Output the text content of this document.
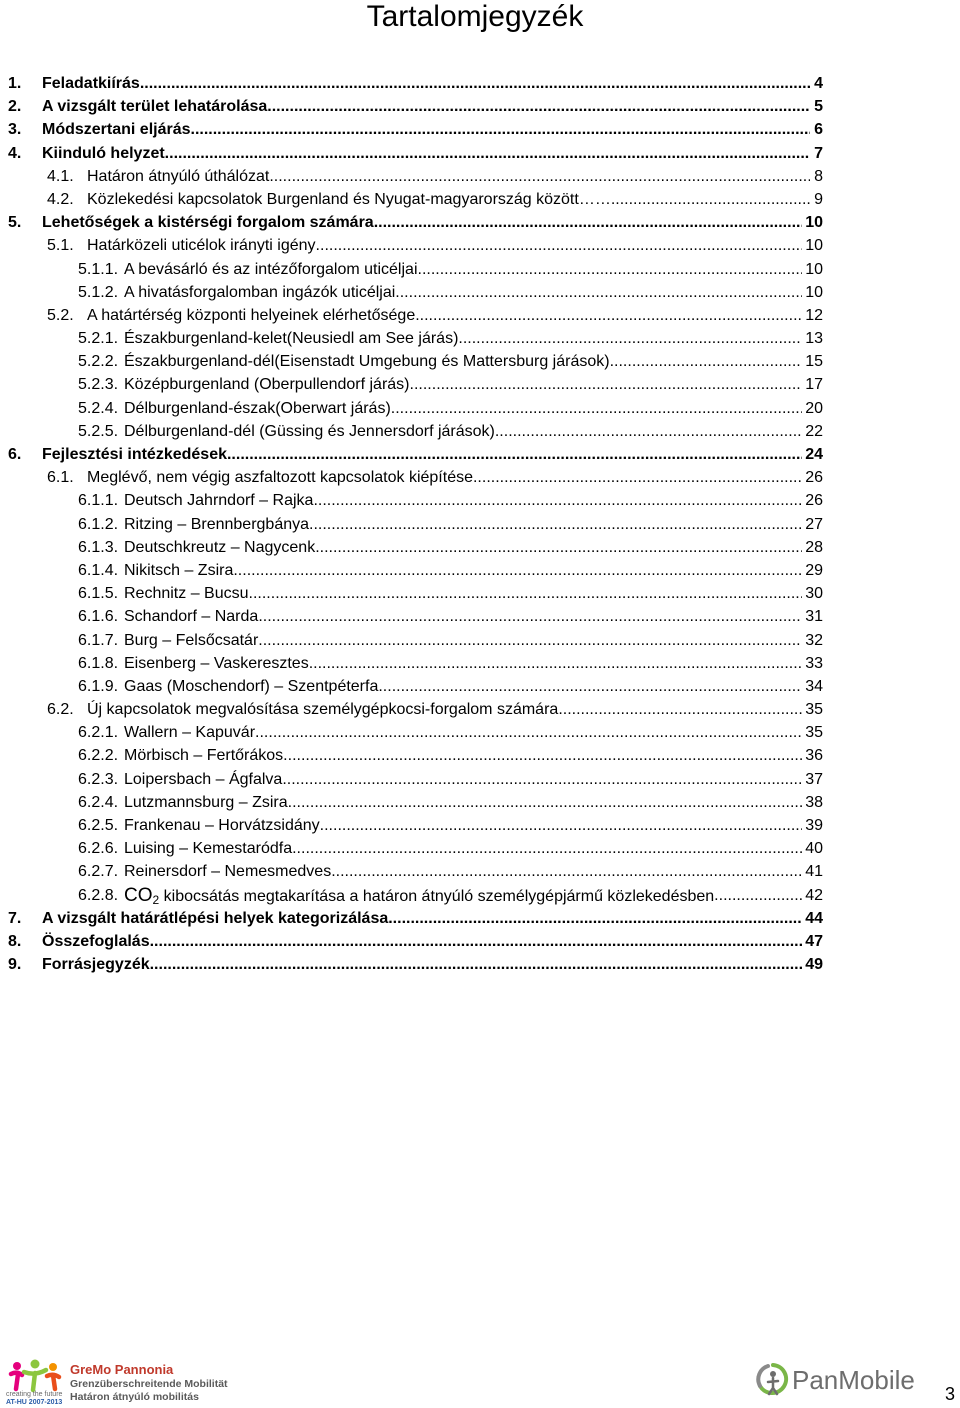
Tartalomjegyzék
1.	Feladatkiírás .....	4
2.	A vizsgált terület lehatárolása .....	5
3.	Módszertani eljárás .....	6
4.	Kiinduló helyzet .....	7
4.1. Határon átnyúló úthálózat .....	8
4.2. Közlekedési kapcsolatok Burgenland és Nyugat-magyarország között…… .....	9
5.	Lehetőségek a kistérségi forgalom számára .....	10
5.1. Határközeli uticélok irányti igény .....	10
5.1.1. A bevásárló és az intézőforgalom uticéljai .....	10
5.1.2. A hivatásforgalomban ingázók uticéljai .....	10
5.2. A határtérség központi helyeinek elérhetősége .....	12
5.2.1. Északburgenland-kelet(Neusiedl am See járás) .....	13
5.2.2. Északburgenland-dél(Eisenstadt Umgebung és Mattersburg járások) .....	15
5.2.3. Középburgenland (Oberpullendorf járás) .....	17
5.2.4. Délburgenland-észak(Oberwart járás) .....	20
5.2.5. Délburgenland-dél (Güssing és Jennersdorf járások) .....	22
6.	Fejlesztési intézkedések .....	24
6.1. Meglévő, nem végig aszfaltozott kapcsolatok kiépítése .....	26
6.1.1. Deutsch Jahrndorf – Rajka .....	26
6.1.2. Ritzing – Brennbergbánya .....	27
6.1.3. Deutschkreutz – Nagycenk .....	28
6.1.4. Nikitsch – Zsira .....	29
6.1.5. Rechnitz – Bucsu .....	30
6.1.6. Schandorf – Narda .....	31
6.1.7. Burg – Felsőcsatár .....	32
6.1.8. Eisenberg – Vaskeresztes .....	33
6.1.9. Gaas (Moschendorf) – Szentpéterfa .....	34
6.2. Új kapcsolatok megvalósítása személygépkocsi-forgalom számára .....	35
6.2.1. Wallern – Kapuvár .....	35
6.2.2. Mörbisch – Fertőrákos .....	36
6.2.3. Loipersbach – Ágfalva .....	37
6.2.4. Lutzmannsburg – Zsira .....	38
6.2.5. Frankenau – Horvátzsidány .....	39
6.2.6. Luising – Kemestaródfa .....	40
6.2.7. Reinersdorf – Nemesmedves .....	41
6.2.8. $CO_2$ kibocsátás megtakarítása a határon átnyúló személygépjármű közlekedésben .....	42
7.	A vizsgált határátlépési helyek kategorizálása .....	44
8.	Összefoglalás .....	47
9.	Forrásjegyzék .....	49
creating the future
AT-HU 2007-2013
GreMo Pannonia
Grenzüberschreitende Mobilität
Határon átnyúló mobilitás
PanMobile 3
